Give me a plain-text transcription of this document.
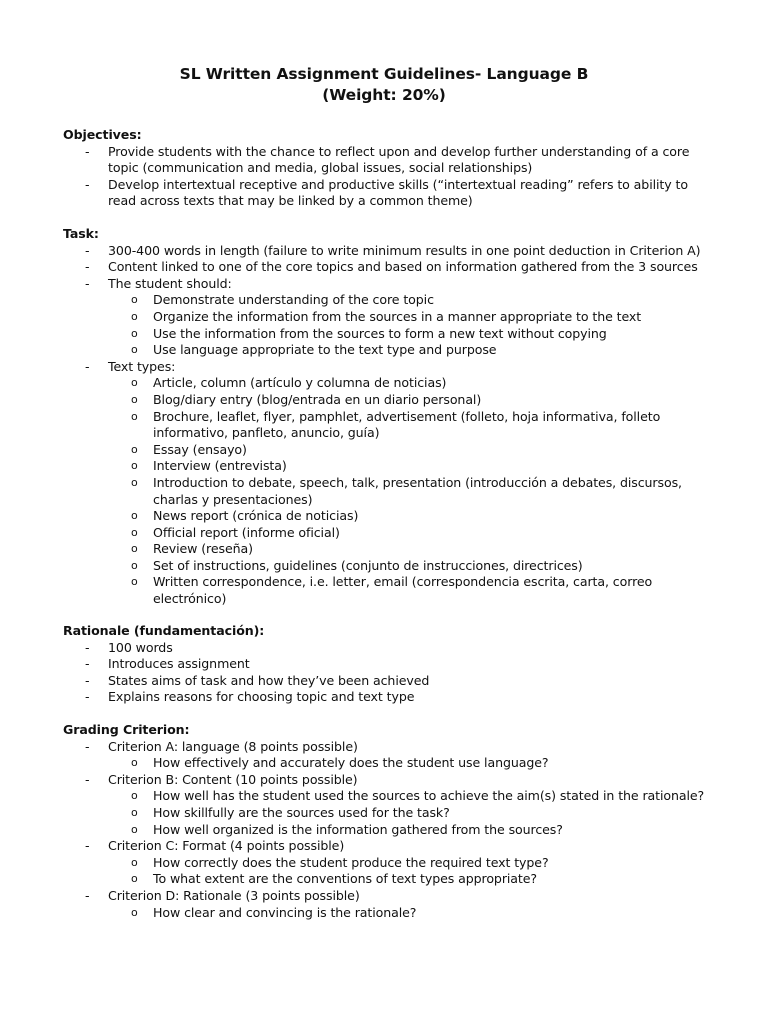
SL Written Assignment Guidelines- Language B
(Weight: 20%)
Objectives:
- Provide students with the chance to reflect upon and develop further understanding of a core topic (communication and media, global issues, social relationships)
- Develop intertextual receptive and productive skills (“intertextual reading” refers to ability to read across texts that may be linked by a common theme)
Task:
- 300-400 words in length (failure to write minimum results in one point deduction in Criterion A)
- Content linked to one of the core topics and based on information gathered from the 3 sources
- The student should:
o Demonstrate understanding of the core topic
o Organize the information from the sources in a manner appropriate to the text
o Use the information from the sources to form a new text without copying
o Use language appropriate to the text type and purpose
- Text types:
o Article, column (artículo y columna de noticias)
o Blog/diary entry (blog/entrada en un diario personal)
o Brochure, leaflet, flyer, pamphlet, advertisement (folleto, hoja informativa, folleto informativo, panfleto, anuncio, guía)
o Essay (ensayo)
o Interview (entrevista)
o Introduction to debate, speech, talk, presentation (introducción a debates, discursos, charlas y presentaciones)
o News report (crónica de noticias)
o Official report (informe oficial)
o Review (reseña)
o Set of instructions, guidelines (conjunto de instrucciones, directrices)
o Written correspondence, i.e. letter, email (correspondencia escrita, carta, correo electrónico)
Rationale (fundamentación):
- 100 words
- Introduces assignment
- States aims of task and how they’ve been achieved
- Explains reasons for choosing topic and text type
Grading Criterion:
- Criterion A: language (8 points possible)
o How effectively and accurately does the student use language?
- Criterion B: Content (10 points possible)
o How well has the student used the sources to achieve the aim(s) stated in the rationale?
o How skillfully are the sources used for the task?
o How well organized is the information gathered from the sources?
- Criterion C: Format (4 points possible)
o How correctly does the student produce the required text type?
o To what extent are the conventions of text types appropriate?
- Criterion D: Rationale (3 points possible)
o How clear and convincing is the rationale?
